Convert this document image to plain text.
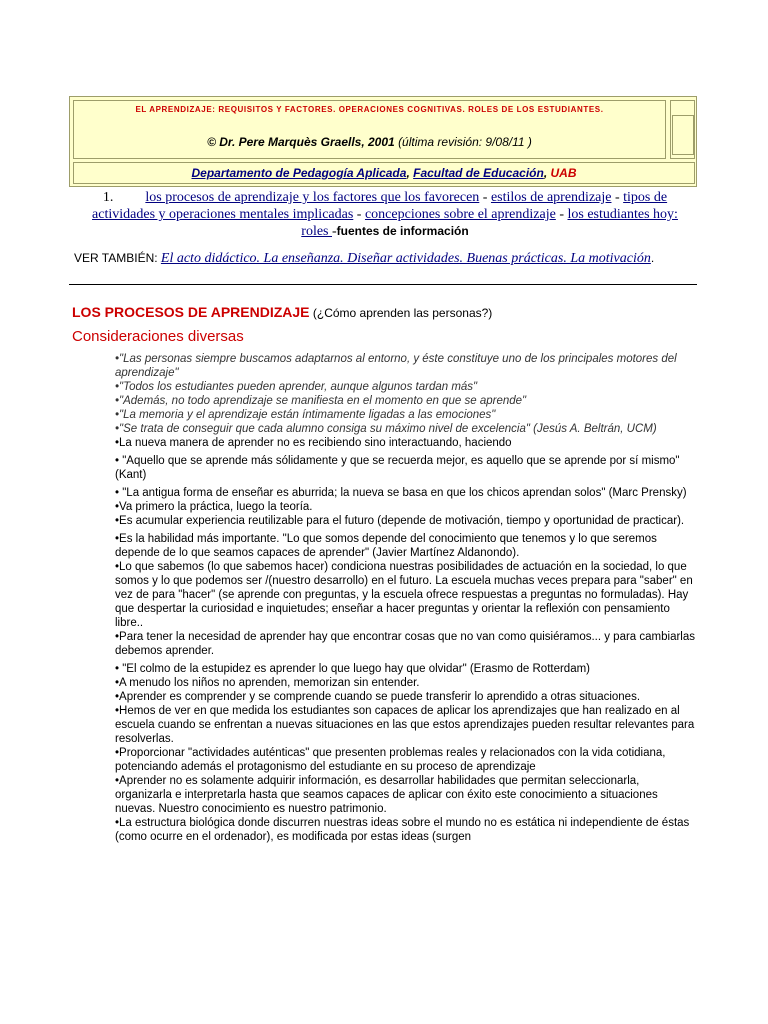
EL APRENDIZAJE: REQUISITOS Y FACTORES. OPERACIONES COGNITIVAS. ROLES DE LOS ESTUDIANTES.
© Dr. Pere Marquès Graells, 2001 (última revisión: 9/08/11 )
Departamento de Pedagogía Aplicada, Facultad de Educación, UAB
1. los procesos de aprendizaje y los factores que los favorecen - estilos de aprendizaje - tipos de actividades y operaciones mentales implicadas - concepciones sobre el aprendizaje - los estudiantes hoy: roles -fuentes de información
VER TAMBIÉN: El acto didáctico. La enseñanza. Diseñar actividades. Buenas prácticas. La motivación.
LOS PROCESOS DE APRENDIZAJE (¿Cómo aprenden las personas?)
Consideraciones diversas
•"Las personas siempre buscamos adaptarnos al entorno, y éste constituye uno de los principales motores del aprendizaje"
•"Todos los estudiantes pueden aprender, aunque algunos tardan más"
•"Además, no todo aprendizaje se manifiesta en el momento en que se aprende"
•"La memoria y el aprendizaje están íntimamente ligadas a las emociones"
•"Se trata de conseguir que cada alumno consiga su máximo nivel de excelencia" (Jesús A. Beltrán, UCM)
•La nueva manera de aprender no es recibiendo sino interactuando, haciendo
• "Aquello que se aprende más sólidamente y que se recuerda mejor, es aquello que se aprende por sí mismo" (Kant)
• "La antigua forma de enseñar es aburrida; la nueva se basa en que los chicos aprendan solos" (Marc Prensky)
•Va primero la práctica, luego la teoría.
•Es acumular experiencia reutilizable para el futuro (depende de motivación, tiempo y oportunidad de practicar).
•Es la habilidad más importante. "Lo que somos depende del conocimiento que tenemos y lo que seremos depende de lo que seamos capaces de aprender" (Javier Martínez Aldanondo).
•Lo que sabemos (lo que sabemos hacer) condiciona nuestras posibilidades de actuación en la sociedad, lo que somos y lo que podemos ser /(nuestro desarrollo) en el futuro. La escuela muchas veces prepara para "saber" en vez de para "hacer" (se aprende con preguntas, y la escuela ofrece respuestas a preguntas no formuladas). Hay que despertar la curiosidad e inquietudes; enseñar a hacer preguntas y orientar la reflexión con pensamiento libre..
•Para tener la necesidad de aprender hay que encontrar cosas que no van como quisiéramos... y para cambiarlas debemos aprender.
• "El colmo de la estupidez es aprender lo que luego hay que olvidar" (Erasmo de Rotterdam)
•A menudo los niños no aprenden, memorizan sin entender.
•Aprender es comprender y se comprende cuando se puede transferir lo aprendido a otras situaciones.
•Hemos de ver en que medida los estudiantes son capaces de aplicar los aprendizajes que han realizado en al escuela cuando se enfrentan a nuevas situaciones en las que estos aprendizajes pueden resultar relevantes para resolverlas.
•Proporcionar "actividades auténticas" que presenten problemas reales y relacionados con la vida cotidiana, potenciando además el protagonismo del estudiante en su proceso de aprendizaje
•Aprender no es solamente adquirir información, es desarrollar habilidades que permitan seleccionarla, organizarla e interpretarla hasta que seamos capaces de aplicar con éxito este conocimiento a situaciones nuevas. Nuestro conocimiento es nuestro patrimonio.
•La estructura biológica donde discurren nuestras ideas sobre el mundo no es estática ni independiente de éstas (como ocurre en el ordenador), es modificada por estas ideas (surgen
